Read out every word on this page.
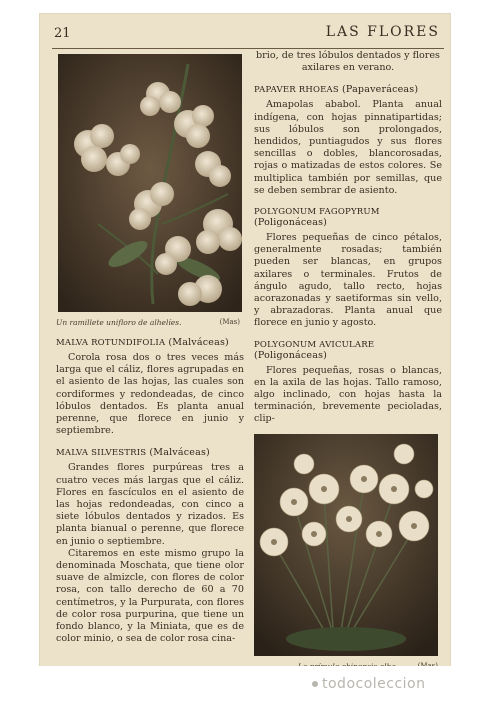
21	LAS FLORES
Un ramillete unifloro de alhelíes.	(Mas)
MALVA ROTUNDIFOLIA (Malváceas)

Corola rosa dos o tres veces más larga que el cáliz, flores agrupadas en el asiento de las hojas, las cuales son cordiformes y redondeadas, de cinco lóbulos dentados. Es planta anual perenne, que florece en junio y septiembre.

MALVA SILVESTRIS (Malváceas)

Grandes flores purpúreas tres a cuatro veces más largas que el cáliz. Flores en fascículos en el asiento de las hojas redondeadas, con cinco a siete lóbulos dentados y rizados. Es planta bianual o perenne, que florece en junio o septiembre.

Citaremos en este mismo grupo la denominada Moschata, que tiene olor suave de almizcle, con flores de color rosa, con tallo derecho de 60 a 70 centímetros, y la Purpurata, con flores de color rosa purpurina, que tiene un fondo blanco, y la Miniata, que es de color minio, o sea de color rosa cina-

brio, de tres lóbulos dentados y flores axilares en verano.

PAPAVER RHOEAS (Papaveráceas)

Amapolas ababol. Planta anual indígena, con hojas pinnatipartidas; sus lóbulos son prolongados, hendidos, puntiagudos y sus flores sencillas o dobles, blancorosadas, rojas o matizadas de estos colores. Se multiplica también por semillas, que se deben sembrar de asiento.

POLYGONUM FAGOPYRUM (Poligonáceas)

Flores pequeñas de cinco pétalos, generalmente rosadas; también pueden ser blancas, en grupos axilares o terminales. Frutos de ángulo agudo, tallo recto, hojas acorazonadas y saetiformas sin vello, y abrazadoras. Planta anual que florece en junio y agosto.

POLYGONUM AVICULARE (Poligonáceas)

Flores pequeñas, rosas o blancas, en la axila de las hojas. Tallo ramoso, algo inclinado, con hojas hasta la terminación, brevemente pecioladas, clip-

todocoleccion
